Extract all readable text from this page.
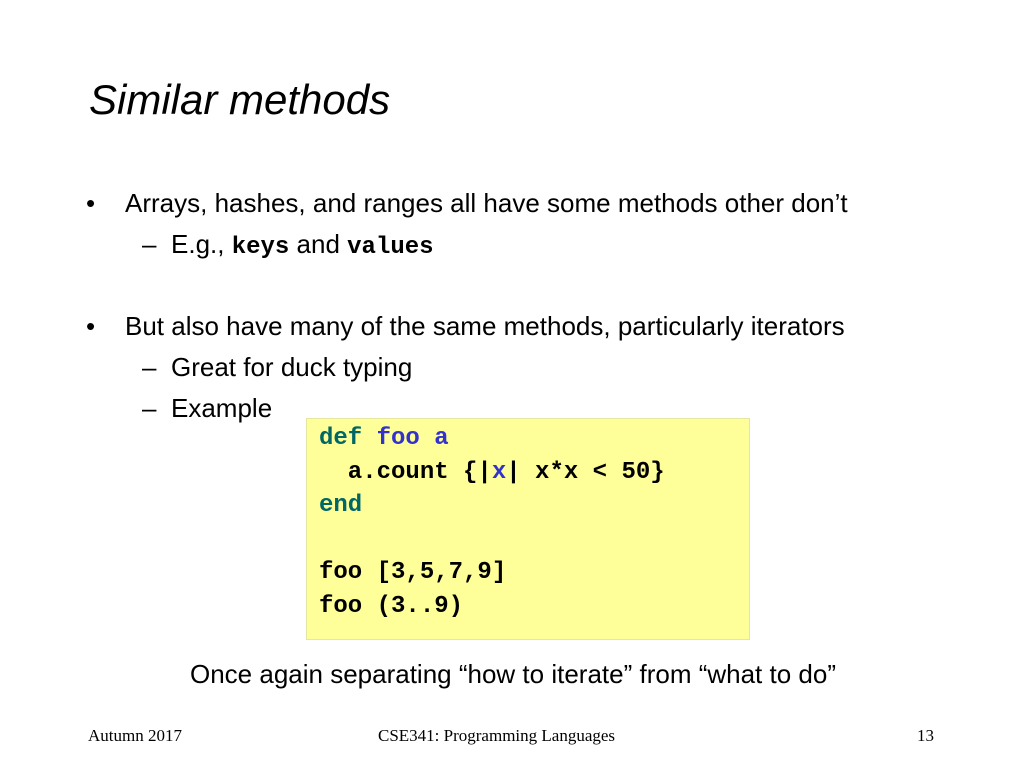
Similar methods
• Arrays, hashes, and ranges all have some methods other don’t
– E.g., keys and values
• But also have many of the same methods, particularly iterators
– Great for duck typing
– Example
def foo a
a.count {|x| x*x < 50}
end
foo [3,5,7,9]
foo (3..9)
Once again separating “how to iterate” from “what to do”
Autumn 2017	CSE341: Programming Languages	13
